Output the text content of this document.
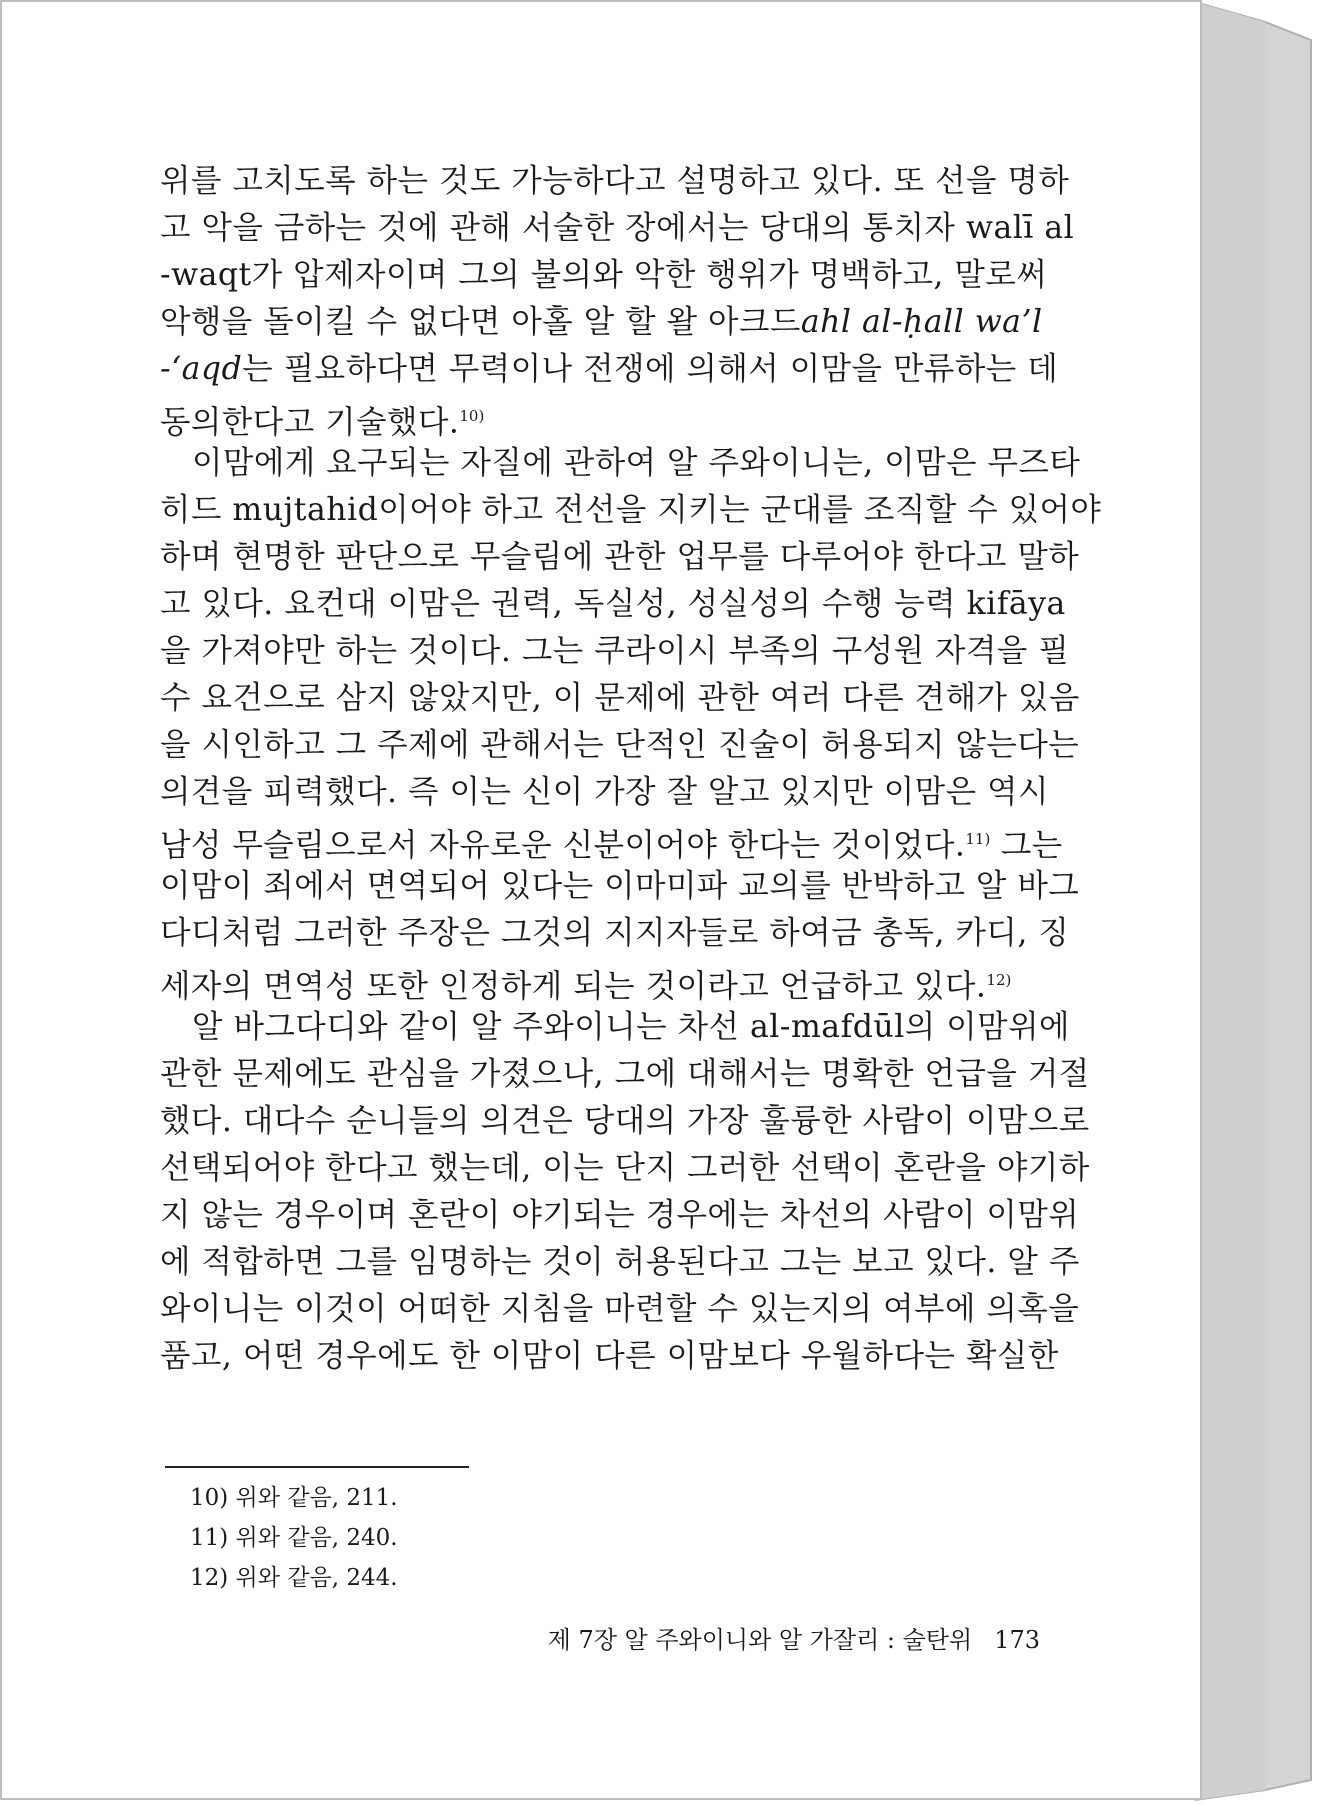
위를 고치도록 하는 것도 가능하다고 설명하고 있다. 또 선을 명하
고 악을 금하는 것에 관해 서술한 장에서는 당대의 통치자 walī al
-waqt가 압제자이며 그의 불의와 악한 행위가 명백하고, 말로써
악행을 돌이킬 수 없다면 아홀 알 할 왈 아크드ahl al-ḥall wa’l
-‘aqd는 필요하다면 무력이나 전쟁에 의해서 이맘을 만류하는 데
동의한다고 기술했다.$^{10)}$
이맘에게 요구되는 자질에 관하여 알 주와이니는, 이맘은 무즈타
히드 mujtahid이어야 하고 전선을 지키는 군대를 조직할 수 있어야
하며 현명한 판단으로 무슬림에 관한 업무를 다루어야 한다고 말하
고 있다. 요컨대 이맘은 권력, 독실성, 성실성의 수행 능력 kifāya
을 가져야만 하는 것이다. 그는 쿠라이시 부족의 구성원 자격을 필
수 요건으로 삼지 않았지만, 이 문제에 관한 여러 다른 견해가 있음
을 시인하고 그 주제에 관해서는 단적인 진술이 허용되지 않는다는
의견을 피력했다. 즉 이는 신이 가장 잘 알고 있지만 이맘은 역시
남성 무슬림으로서 자유로운 신분이어야 한다는 것이었다.$^{11)}$ 그는
이맘이 죄에서 면역되어 있다는 이마미파 교의를 반박하고 알 바그
다디처럼 그러한 주장은 그것의 지지자들로 하여금 총독, 카디, 징
세자의 면역성 또한 인정하게 되는 것이라고 언급하고 있다.$^{12)}$
알 바그다디와 같이 알 주와이니는 차선 al-mafdūl의 이맘위에
관한 문제에도 관심을 가졌으나, 그에 대해서는 명확한 언급을 거절
했다. 대다수 순니들의 의견은 당대의 가장 훌륭한 사람이 이맘으로
선택되어야 한다고 했는데, 이는 단지 그러한 선택이 혼란을 야기하
지 않는 경우이며 혼란이 야기되는 경우에는 차선의 사람이 이맘위
에 적합하면 그를 임명하는 것이 허용된다고 그는 보고 있다. 알 주
와이니는 이것이 어떠한 지침을 마련할 수 있는지의 여부에 의혹을
품고, 어떤 경우에도 한 이맘이 다른 이맘보다 우월하다는 확실한
10) 위와 같음, 211.
11) 위와 같음, 240.
12) 위와 같음, 244.
제 7장 알 주와이니와 알 가잘리 : 술탄위 173
